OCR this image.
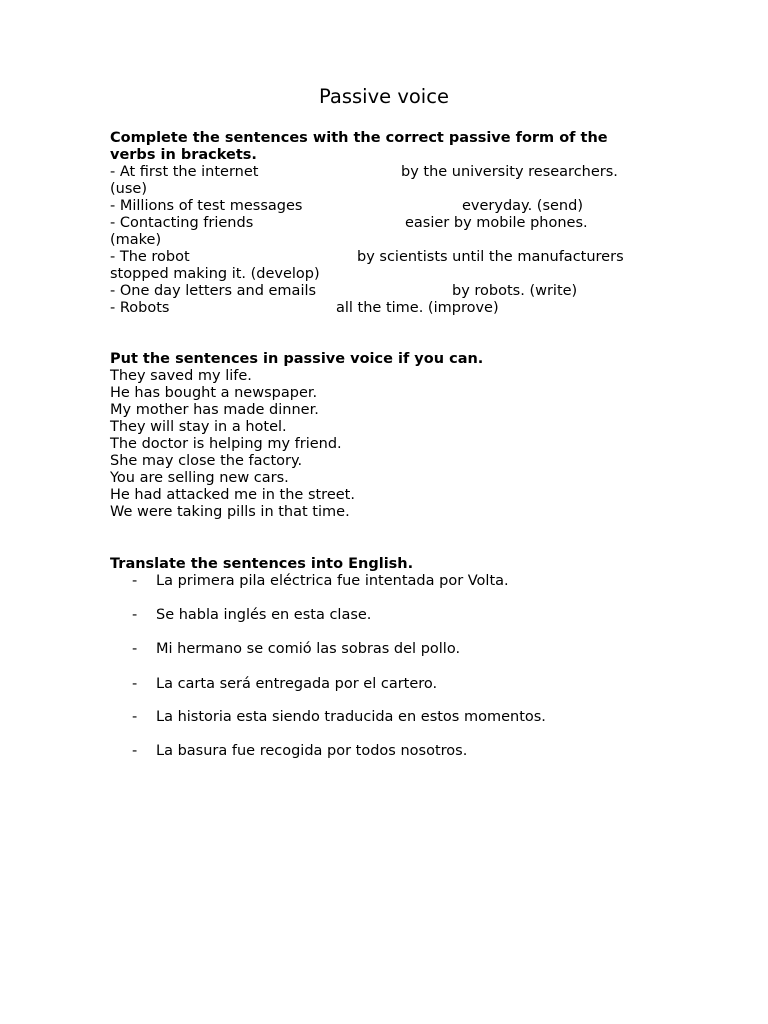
Passive voice
Complete the sentences with the correct passive form of the
verbs in brackets.
- At first the internet	by the university researchers.
(use)
- Millions of test messages	everyday. (send)
- Contacting friends	easier by mobile phones.
(make)
- The robot	by scientists until the manufacturers
stopped making it. (develop)
- One day letters and emails	by robots. (write)
- Robots	all the time. (improve)
Put the sentences in passive voice if you can.
They saved my life.
He has bought a newspaper.
My mother has made dinner.
They will stay in a hotel.
The doctor is helping my friend.
She may close the factory.
You are selling new cars.
He had attacked me in the street.
We were taking pills in that time.
Translate the sentences into English.
- La primera pila eléctrica fue intentada por Volta.
- Se habla inglés en esta clase.
- Mi hermano se comió las sobras del pollo.
- La carta será entregada por el cartero.
- La historia esta siendo traducida en estos momentos.
- La basura fue recogida por todos nosotros.
